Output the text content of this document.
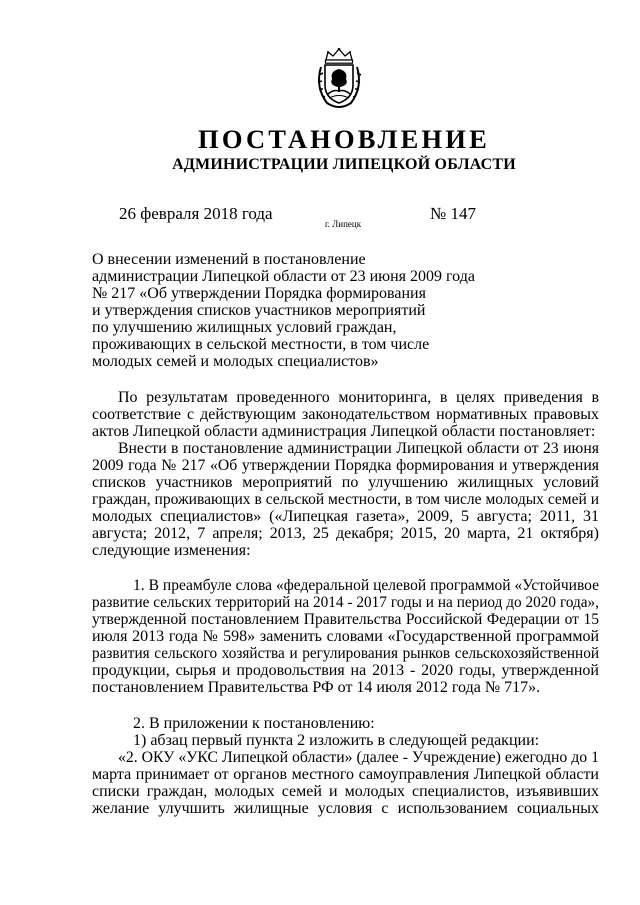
ПОСТАНОВЛЕНИЕ
АДМИНИСТРАЦИИ ЛИПЕЦКОЙ ОБЛАСТИ
26 февраля 2018 года
г. Липецк
№ 147
О внесении изменений в постановление
администрации Липецкой области от 23 июня 2009 года
№ 217 «Об утверждении Порядка формирования
и утверждения списков участников мероприятий
по улучшению жилищных условий граждан,
проживающих в сельской местности, в том числе
молодых семей и молодых специалистов»
По результатам проведенного мониторинга, в целях приведения в
соответствие с действующим законодательством нормативных правовых
актов Липецкой области администрация Липецкой области постановляет:
Внести в постановление администрации Липецкой области от 23 июня
2009 года № 217 «Об утверждении Порядка формирования и утверждения
списков участников мероприятий по улучшению жилищных условий
граждан, проживающих в сельской местности, в том числе молодых семей и
молодых специалистов» («Липецкая газета», 2009, 5 августа; 2011, 31
августа; 2012, 7 апреля; 2013, 25 декабря; 2015, 20 марта, 21 октября)
следующие изменения:
1. В преамбуле слова «федеральной целевой программой «Устойчивое
развитие сельских территорий на 2014 - 2017 годы и на период до 2020 года»,
утвержденной постановлением Правительства Российской Федерации от 15
июля 2013 года № 598» заменить словами «Государственной программой
развития сельского хозяйства и регулирования рынков сельскохозяйственной
продукции, сырья и продовольствия на 2013 - 2020 годы, утвержденной
постановлением Правительства РФ от 14 июля 2012 года № 717».
2. В приложении к постановлению:
1) абзац первый пункта 2 изложить в следующей редакции:
«2. ОКУ «УКС Липецкой области» (далее - Учреждение) ежегодно до 1
марта принимает от органов местного самоуправления Липецкой области
списки граждан, молодых семей и молодых специалистов, изъявивших
желание улучшить жилищные условия с использованием социальных
